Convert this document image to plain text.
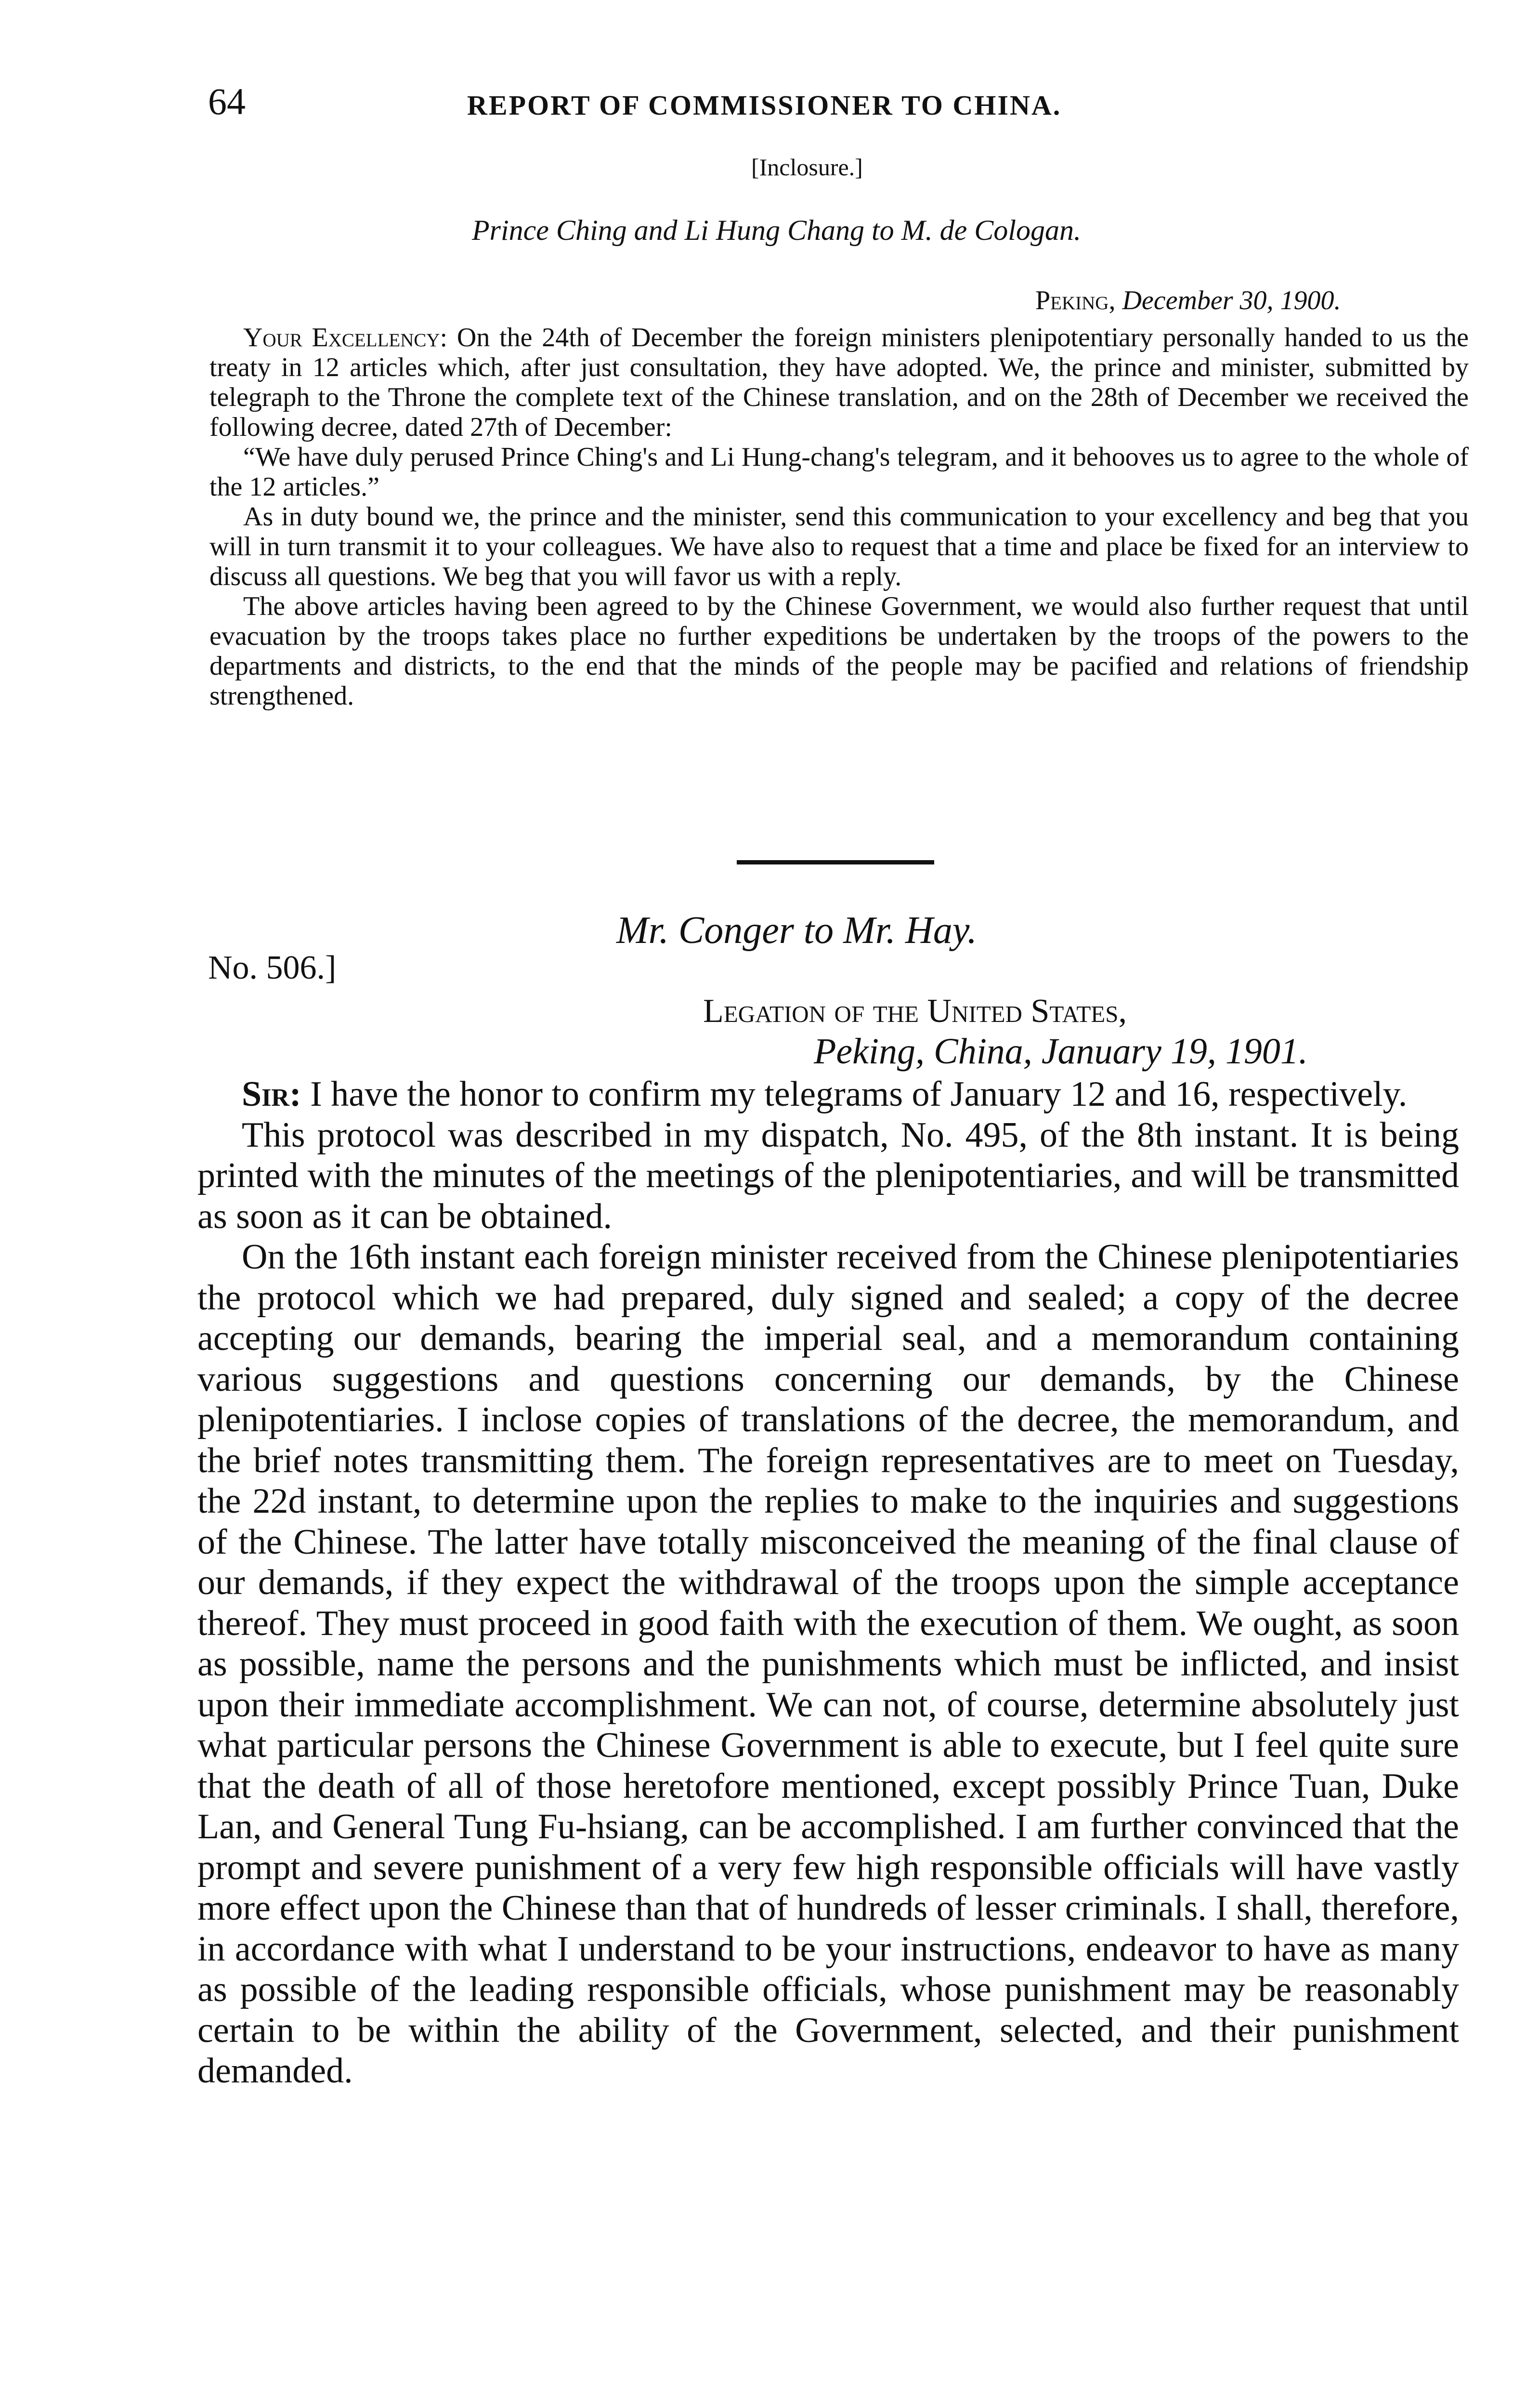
64	REPORT OF COMMISSIONER TO CHINA.
[Inclosure.]
Prince Ching and Li Hung Chang to M. de Cologan.
Peking, December 30, 1900.

Your Excellency: On the 24th of December the foreign ministers plenipotentiary personally handed to us the treaty in 12 articles which, after just consultation, they have adopted. We, the prince and minister, submitted by telegraph to the Throne the complete text of the Chinese translation, and on the 28th of December we received the following decree, dated 27th of December:

“We have duly perused Prince Ching's and Li Hung-chang's telegram, and it behooves us to agree to the whole of the 12 articles.”

As in duty bound we, the prince and the minister, send this communication to your excellency and beg that you will in turn transmit it to your colleagues. We have also to request that a time and place be fixed for an interview to discuss all questions. We beg that you will favor us with a reply.

The above articles having been agreed to by the Chinese Government, we would also further request that until evacuation by the troops takes place no further expeditions be undertaken by the troops of the powers to the departments and districts, to the end that the minds of the people may be pacified and relations of friendship strengthened.

Mr. Conger to Mr. Hay.
No. 506.]
Legation of the United States,
Peking, China, January 19, 1901.

Sir: I have the honor to confirm my telegrams of January 12 and 16, respectively.

This protocol was described in my dispatch, No. 495, of the 8th instant. It is being printed with the minutes of the meetings of the plenipotentiaries, and will be transmitted as soon as it can be obtained.

On the 16th instant each foreign minister received from the Chinese plenipotentiaries the protocol which we had prepared, duly signed and sealed; a copy of the decree accepting our demands, bearing the imperial seal, and a memorandum containing various suggestions and questions concerning our demands, by the Chinese plenipotentiaries. I inclose copies of translations of the decree, the memorandum, and the brief notes transmitting them. The foreign representatives are to meet on Tuesday, the 22d instant, to determine upon the replies to make to the inquiries and suggestions of the Chinese. The latter have totally misconceived the meaning of the final clause of our demands, if they expect the withdrawal of the troops upon the simple acceptance thereof. They must proceed in good faith with the execution of them. We ought, as soon as possible, name the persons and the punishments which must be inflicted, and insist upon their immediate accomplishment. We can not, of course, determine absolutely just what particular persons the Chinese Government is able to execute, but I feel quite sure that the death of all of those heretofore mentioned, except possibly Prince Tuan, Duke Lan, and General Tung Fu-hsiang, can be accomplished. I am further convinced that the prompt and severe punishment of a very few high responsible officials will have vastly more effect upon the Chinese than that of hundreds of lesser criminals. I shall, therefore, in accordance with what I understand to be your instructions, endeavor to have as many as possible of the leading responsible officials, whose punishment may be reasonably certain to be within the ability of the Government, selected, and their punishment demanded.
